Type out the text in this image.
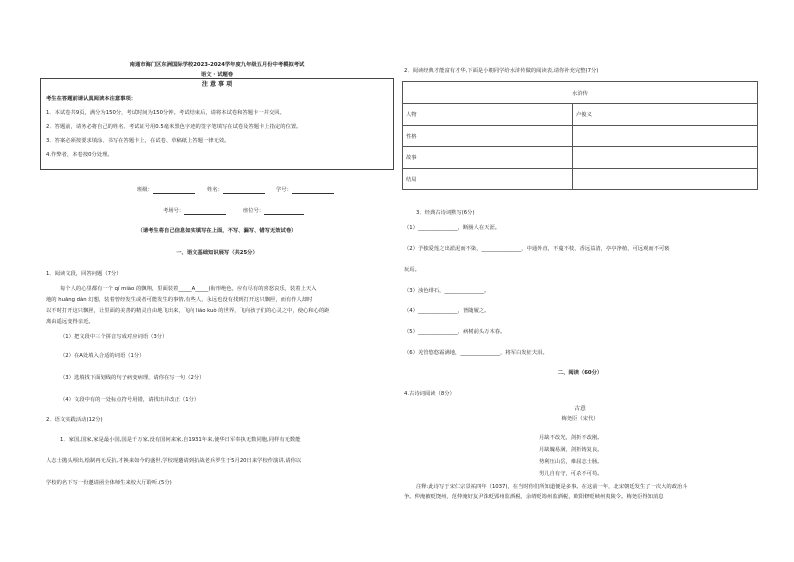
南通市海门区东洲国际学校2023-2024学年度九年级五月份中考模拟考试
语文 · 试题卷
注 意 事 项
考生在答题前请认真阅读本注意事项：
1．本试卷共9页，满分为150分，考试时间为150分钟。考试结束后，请将本试卷和答题卡一并交回。
2．答题前，请务必将自己的姓名、考试证号用0.5毫米黑色字迹的签字笔填写在试卷及答题卡上指定的位置。
3．答案必须按要求填涂、书写在答题卡上，在试卷、草稿纸上答题一律无效。
4.作弊者，本卷按0分处理。
班级：	姓名：	学号：
考场号：	座位号：
（请考生将自己信息如实填写在上面，不写、漏写、错写无效试卷）
一、语文基础知识展写（共25分）
1．阅读文段，回答问题（7分）
每个人的心里都有一个 qí miào 的飘翔，里面装着_____A_____(衔形绝色，应有尽有的喜怒哀乐，装着上天入
地的 huāng dàn 幻想，装着曾经发生或者可能发生的事情,有些人，永远也没有找到打开这只飘匣，而有作人却时
以不时打开这只飘匣，让里面的美善的精灵自由地飞出来，飞向 liáo kuò 的世界，飞向孩子们的心灵之中，使心和心的距
离由遥远变得亲近。
（1）把文段中三个拼音写成对应词语（3分）
（2）在A处填入合适的词语（1分）
（3）选填找下面划线的句子病变病理，请你在写一句（2分）
（4）文段中有的一处标点符号用错，请找出并改正（1分）
2．语文实践活动(12分)
1．家国,国家,家是最小国,国是千万家,没有国何来家,自1931年来,使华日军奉执无数同胞,同样有无数能
人志士抛头颅出,绘制再无反抗,才换来如今的盛世,学校现邀请到抗战老兵罗生于5月20日来学校作演讲,请你以
学校的名下写一份邀请函全体师生来校大厅聆听.(5分)
2．阅读经典才能富有才华,下面是小朝同学给水浒传做的阅读表,请你补充完整(7分)
水浒传	
人物	卢俊义
性格	
故事	
结局	
3．经典古诗词默写(6分)
（1）_______________，断肠人在天涯。
（2）予独爱莲之出淤泥而不染，_______________，中通外直，不蔓不枝，香远益清，亭亭净植，可远观而不可亵
玩焉。
（3）浊色绯石，_______________。
（4）_______________，皆随履之。
（5）_______________，病树前头万木春。
（6）羌管悠悠霜满地，_______________，将军白发征夫泪。
二、阅读（60分）
4.古诗词阅读（8分）
古意
梅尧臣（宋代）
月缺不改光，剑折不改刚。
月缺魄易满，剑折铸复良。
势利压山岳，难屈志士肠。
男儿自有守，可杀不可苟。
注释:此诗写于宋仁宗景祐四年（1037)，在当时你们所知道便是多事。在这前一年，北宋朝廷发生了一次大的政治斗
争。仲淹被贬饶州，范仲淹好友尹洙贬郢州监酒税，余靖贬筠州监酒税，欧阳修贬峡州夷陵令。梅尧臣得知消息
